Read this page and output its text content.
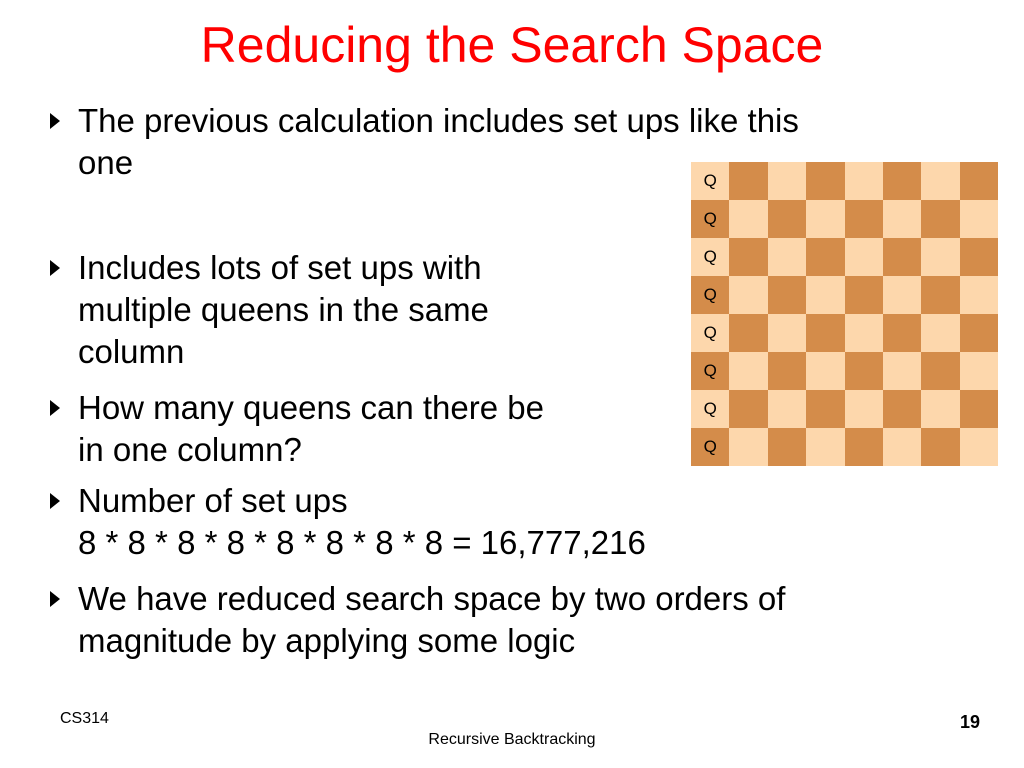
Reducing the Search Space
The previous calculation includes set ups like this
one
Includes lots of set ups with
multiple queens in the same
column
How many queens can there be
in one column?
Number of set ups
8 * 8 * 8 * 8 * 8 * 8 * 8 * 8 = 16,777,216
We have reduced search space by two orders of
magnitude by applying some logic
Q
Q
Q
Q
Q
Q
Q
Q
CS314
Recursive Backtracking
19
